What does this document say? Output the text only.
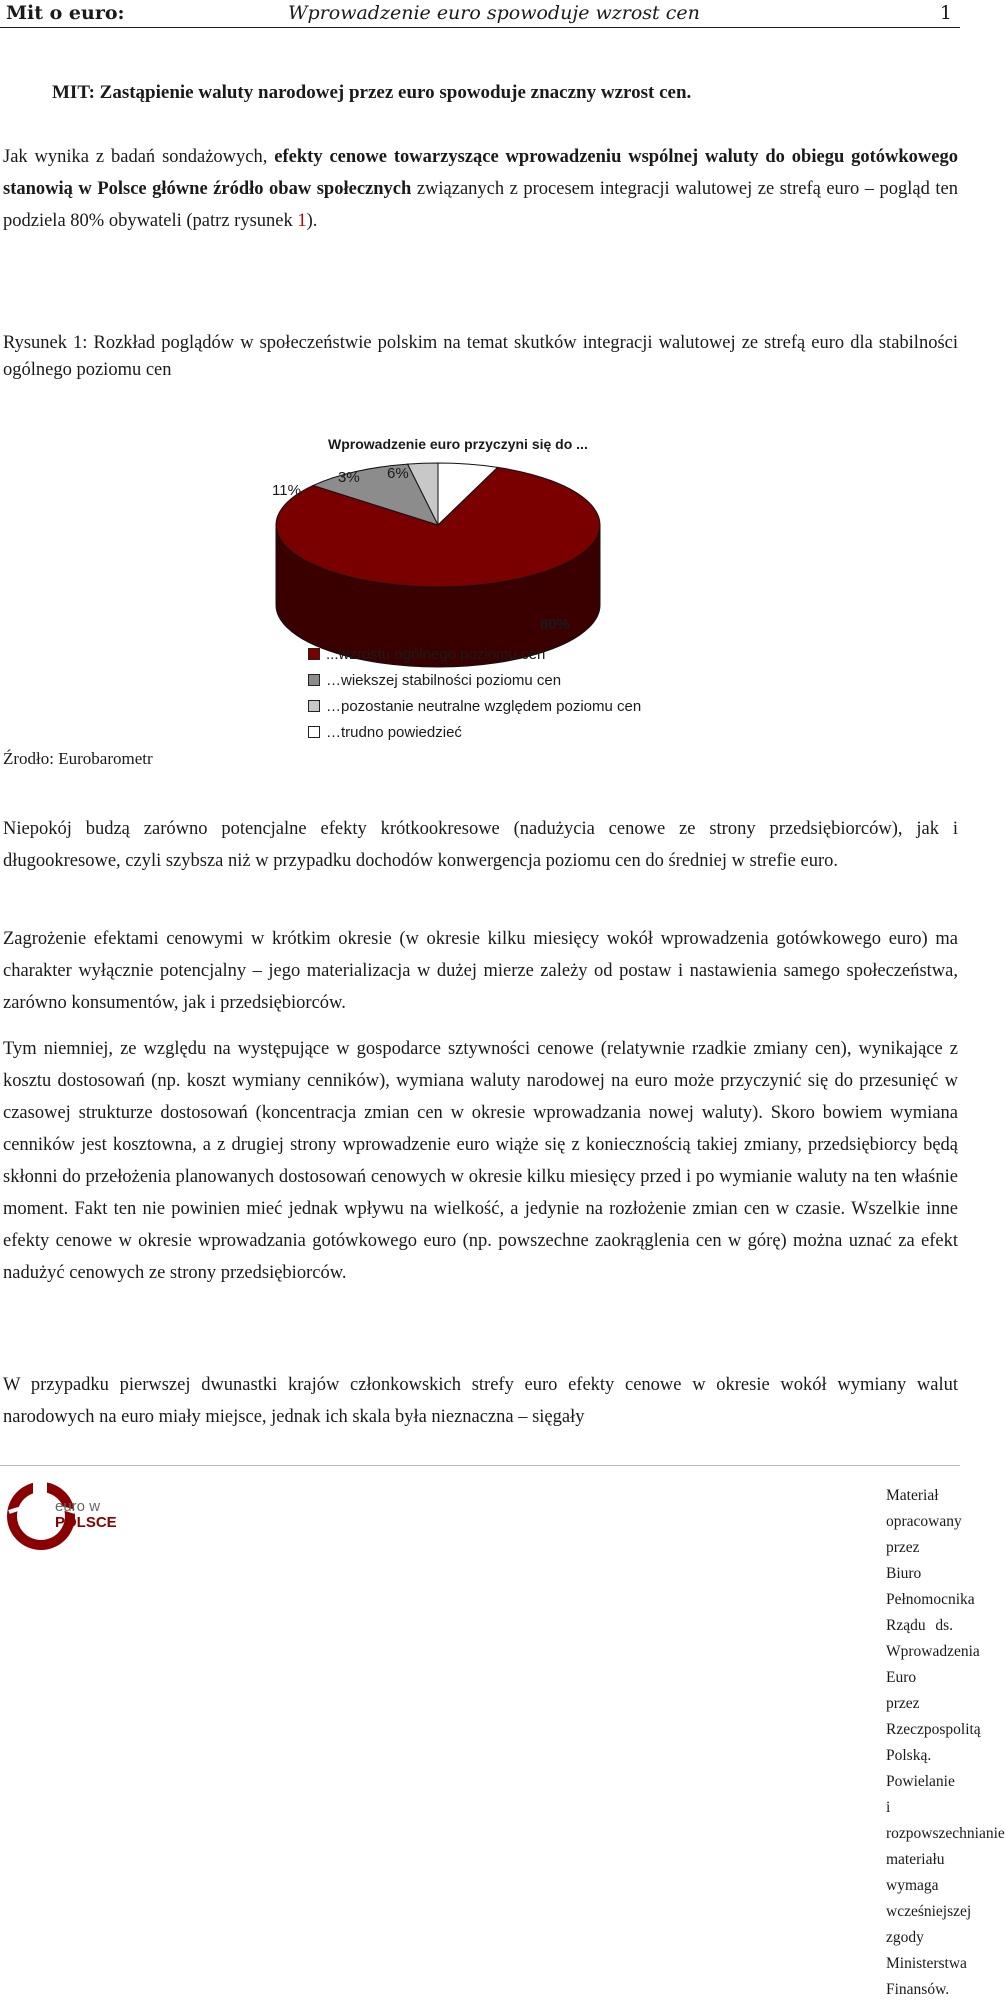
Mit o euro:	Wprowadzenie euro spowoduje wzrost cen	1
MIT: Zastąpienie waluty narodowej przez euro spowoduje znaczny wzrost cen.
Jak wynika z badań sondażowych, efekty cenowe towarzyszące wprowadzeniu wspólnej waluty do obiegu gotówkowego stanowią w Polsce główne źródło obaw społecznych związanych z procesem integracji walutowej ze strefą euro – pogląd ten podziela 80% obywateli (patrz rysunek 1).
Rysunek 1: Rozkład poglądów w społeczeństwie polskim na temat skutków integracji walutowej ze strefą euro dla stabilności ogólnego poziomu cen
Wprowadzenie euro przyczyni się do ...
11%
3% 6%
80%
...wzrostu ogólnego poziomu cen
…wiekszej stabilności poziomu cen
…pozostanie neutralne względem poziomu cen
…trudno powiedzieć
Źrodło: Eurobarometr
Niepokój budzą zarówno potencjalne efekty krótkookresowe (nadużycia cenowe ze strony przedsiębiorców), jak i długookresowe, czyli szybsza niż w przypadku dochodów konwergencja poziomu cen do średniej w strefie euro.
Zagrożenie efektami cenowymi w krótkim okresie (w okresie kilku miesięcy wokół wprowadzenia gotówkowego euro) ma charakter wyłącznie potencjalny – jego materializacja w dużej mierze zależy od postaw i nastawienia samego społeczeństwa, zarówno konsumentów, jak i przedsiębiorców.
Tym niemniej, ze względu na występujące w gospodarce sztywności cenowe (relatywnie rzadkie zmiany cen), wynikające z kosztu dostosowań (np. koszt wymiany cenników), wymiana waluty narodowej na euro może przyczynić się do przesunięć w czasowej strukturze dostosowań (koncentracja zmian cen w okresie wprowadzania nowej waluty). Skoro bowiem wymiana cenników jest kosztowna, a z drugiej strony wprowadzenie euro wiąże się z koniecznością takiej zmiany, przedsiębiorcy będą skłonni do przełożenia planowanych dostosowań cenowych w okresie kilku miesięcy przed i po wymianie waluty na ten właśnie moment. Fakt ten nie powinien mieć jednak wpływu na wielkość, a jedynie na rozłożenie zmian cen w czasie. Wszelkie inne efekty cenowe w okresie wprowadzania gotówkowego euro (np. powszechne zaokrąglenia cen w górę) można uznać za efekt nadużyć cenowych ze strony przedsiębiorców.
W przypadku pierwszej dwunastki krajów członkowskich strefy euro efekty cenowe w okresie wokół wymiany walut narodowych na euro miały miejsce, jednak ich skala była nieznaczna – sięgały
euro w
POLSCE
Materiał opracowany przez Biuro Pełnomocnika Rządu ds. Wprowadzenia Euro przez Rzeczpospolitą Polską. Powielanie i rozpowszechnianie materiału wymaga wcześniejszej zgody Ministerstwa Finansów.
